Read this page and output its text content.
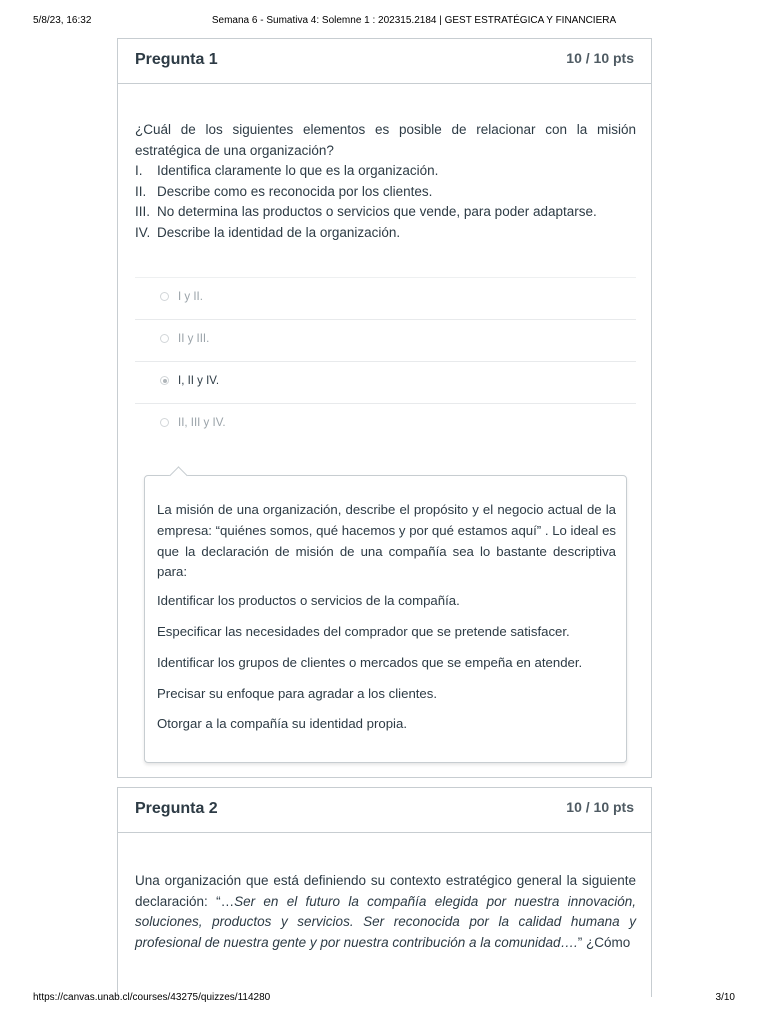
5/8/23, 16:32	Semana 6 - Sumativa 4: Solemne 1 : 202315.2184 | GEST ESTRATÉGICA Y FINANCIERA
Pregunta 1	10 / 10 pts
¿Cuál de los siguientes elementos es posible de relacionar con la misión estratégica de una organización?
I.	Identifica claramente lo que es la organización.
II. Describe como es reconocida por los clientes.
III. No determina las productos o servicios que vende, para poder adaptarse.
IV. Describe la identidad de la organización.
I y II.
II y III.
I, II y IV.
II, III y IV.

La misión de una organización, describe el propósito y el negocio actual de la empresa: “quiénes somos, qué hacemos y por qué estamos aquí” . Lo ideal es que la declaración de misión de una compañía sea lo bastante descriptiva para:

Identificar los productos o servicios de la compañía.

Especificar las necesidades del comprador que se pretende satisfacer.

Identificar los grupos de clientes o mercados que se empeña en atender.

Precisar su enfoque para agradar a los clientes.

Otorgar a la compañía su identidad propia.

Pregunta 2	10 / 10 pts
Una organización que está definiendo su contexto estratégico general la siguiente declaración: “…Ser en el futuro la compañía elegida por nuestra innovación, soluciones, productos y servicios. Ser reconocida por la calidad humana y profesional de nuestra gente y por nuestra contribución a la comunidad….” ¿Cómo
https://canvas.unab.cl/courses/43275/quizzes/114280	3/10
